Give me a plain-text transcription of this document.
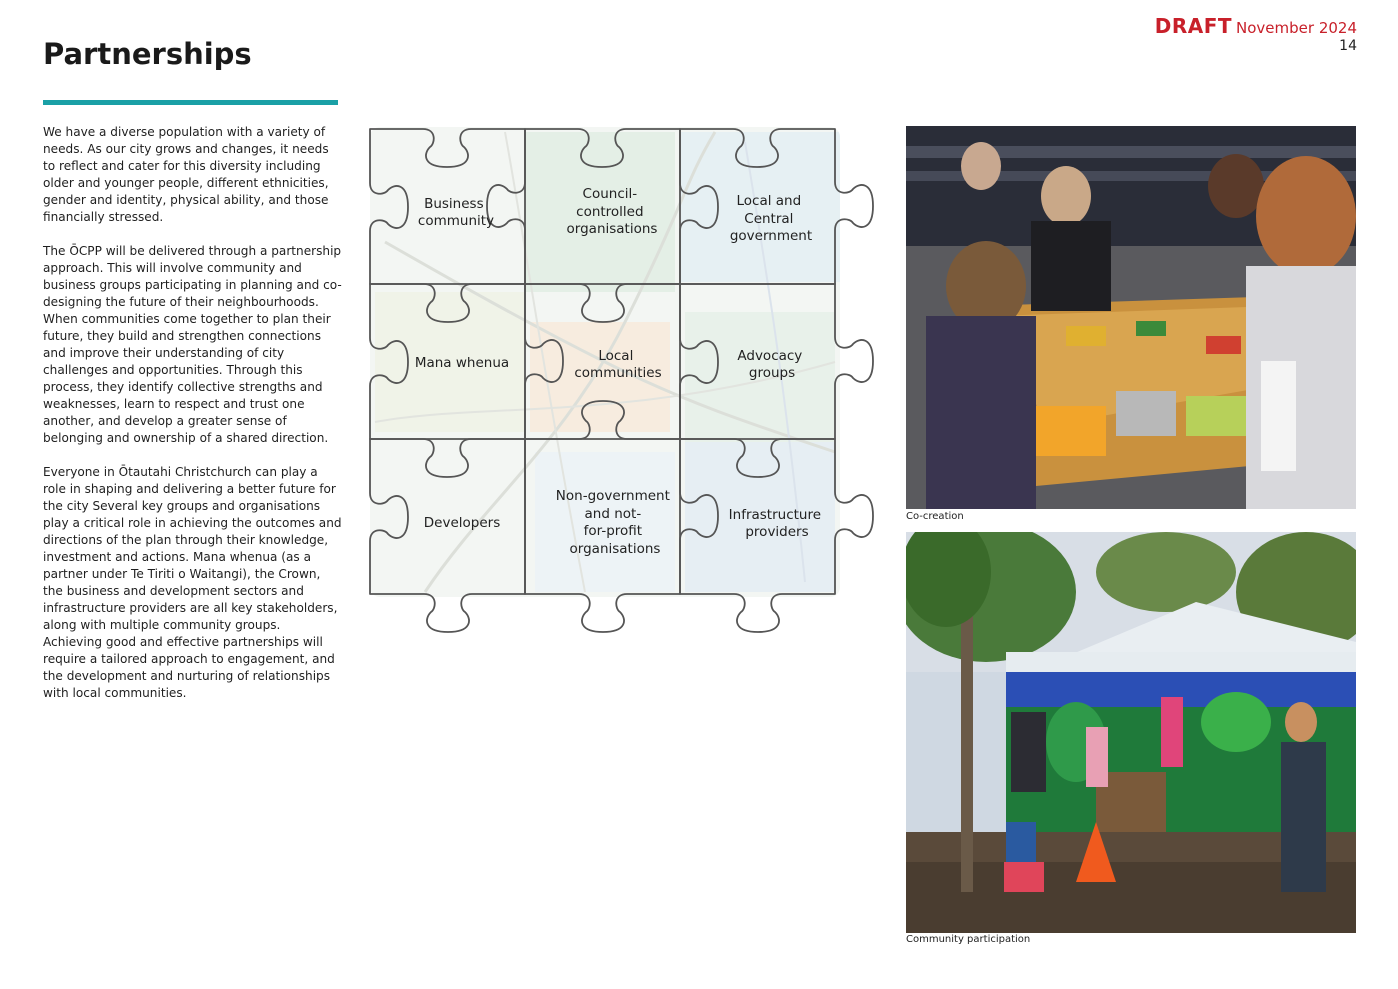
DRAFT November 2024
14
Partnerships

We have a diverse population with a variety of needs. As our city grows and changes, it needs to reflect and cater for this diversity including older and younger people, different ethnicities, gender and identity, physical ability, and those financially stressed.

The ŌCPP will be delivered through a partnership approach. This will involve community and business groups participating in planning and co-designing the future of their neighbourhoods. When communities come together to plan their future, they build and strengthen connections and improve their understanding of city challenges and opportunities. Through this process, they identify collective strengths and weaknesses, learn to respect and trust one another, and develop a greater sense of belonging and ownership of a shared direction.

Everyone in Ōtautahi Christchurch can play a role in shaping and delivering a better future for the city Several key groups and organisations play a critical role in achieving the outcomes and directions of the plan through their knowledge, investment and actions. Mana whenua (as a partner under Te Tiriti o Waitangi), the Crown, the business and development sectors and infrastructure providers are all key stakeholders, along with multiple community groups. Achieving good and effective partnerships will require a tailored approach to engagement, and the development and nurturing of relationships with local communities.

Business community
Council- controlled organisations
Local and Central government
Mana whenua	Local communities
Advocacy groups
Developers
Non-government and not- for-profit organisations
Infrastructure providers
Co-creation
Community participation
